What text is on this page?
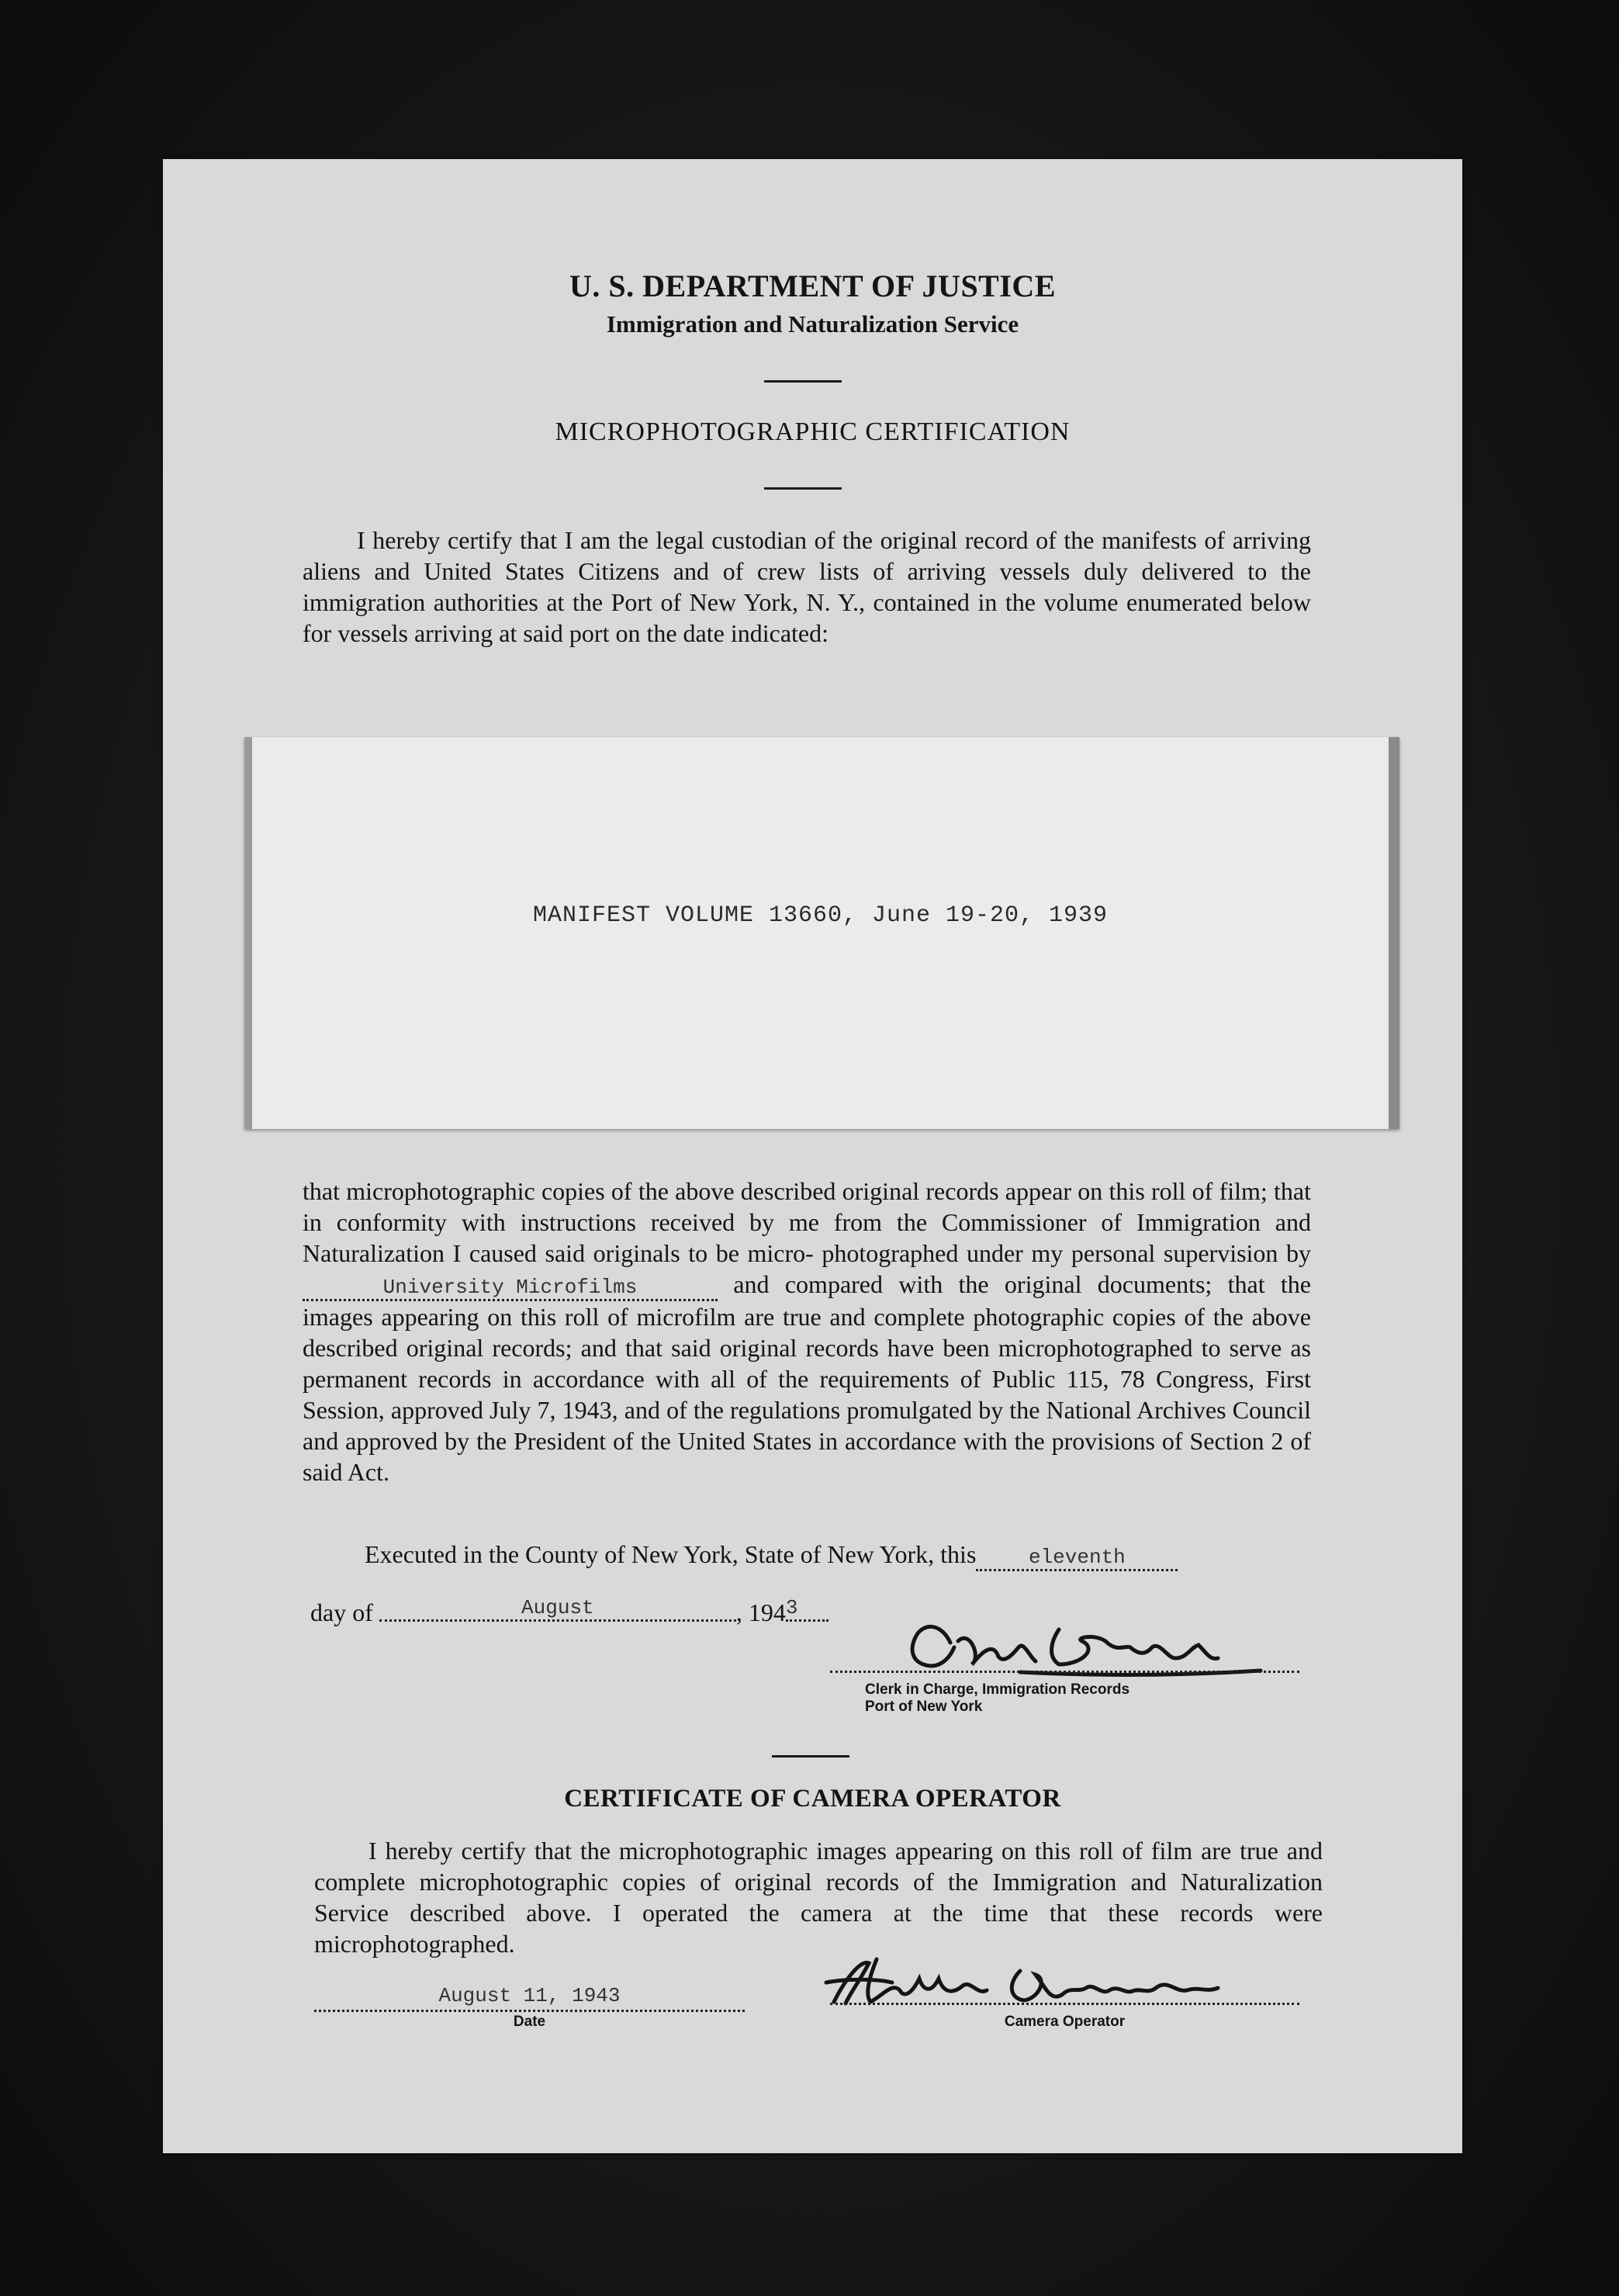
U. S. DEPARTMENT OF JUSTICE
Immigration and Naturalization Service
MICROPHOTOGRAPHIC CERTIFICATION
I hereby certify that I am the legal custodian of the original record of the manifests of arriving aliens and United States Citizens and of crew lists of arriving vessels duly delivered to the immigration authorities at the Port of New York, N. Y., contained in the volume enumerated below for vessels arriving at said port on the date indicated:
MANIFEST VOLUME 13660, June 19-20, 1939
that microphotographic copies of the above described original records appear on this roll of film; that in conformity with instructions received by me from the Commissioner of Immigration and Naturalization I caused said originals to be micro- photographed under my personal supervision byUniversity Microfilms	and compared with the original documents; that the images appearing on this roll of microfilm are true and complete photographic copies of the above described original records; and that said original records have been microphotographed to serve as permanent records in accordance with all of the requirements of Public 115, 78 Congress, First Session, approved July 7, 1943, and of the regulations promulgated by the National Archives Council and approved by the President of the United States in accordance with the provisions of Section 2 of said Act.
Executed in the County of New York, State of New York, this	eleventh
day of	August	, 1943
Clerk in Charge, Immigration Records
Port of New York
CERTIFICATE OF CAMERA OPERATOR
I hereby certify that the microphotographic images appearing on this roll of film are true and complete microphotographic copies of original records of the Immigration and Naturalization Service described above. I operated the camera at the time that these records were microphotographed.
August 11, 1943
Date	Camera Operator
